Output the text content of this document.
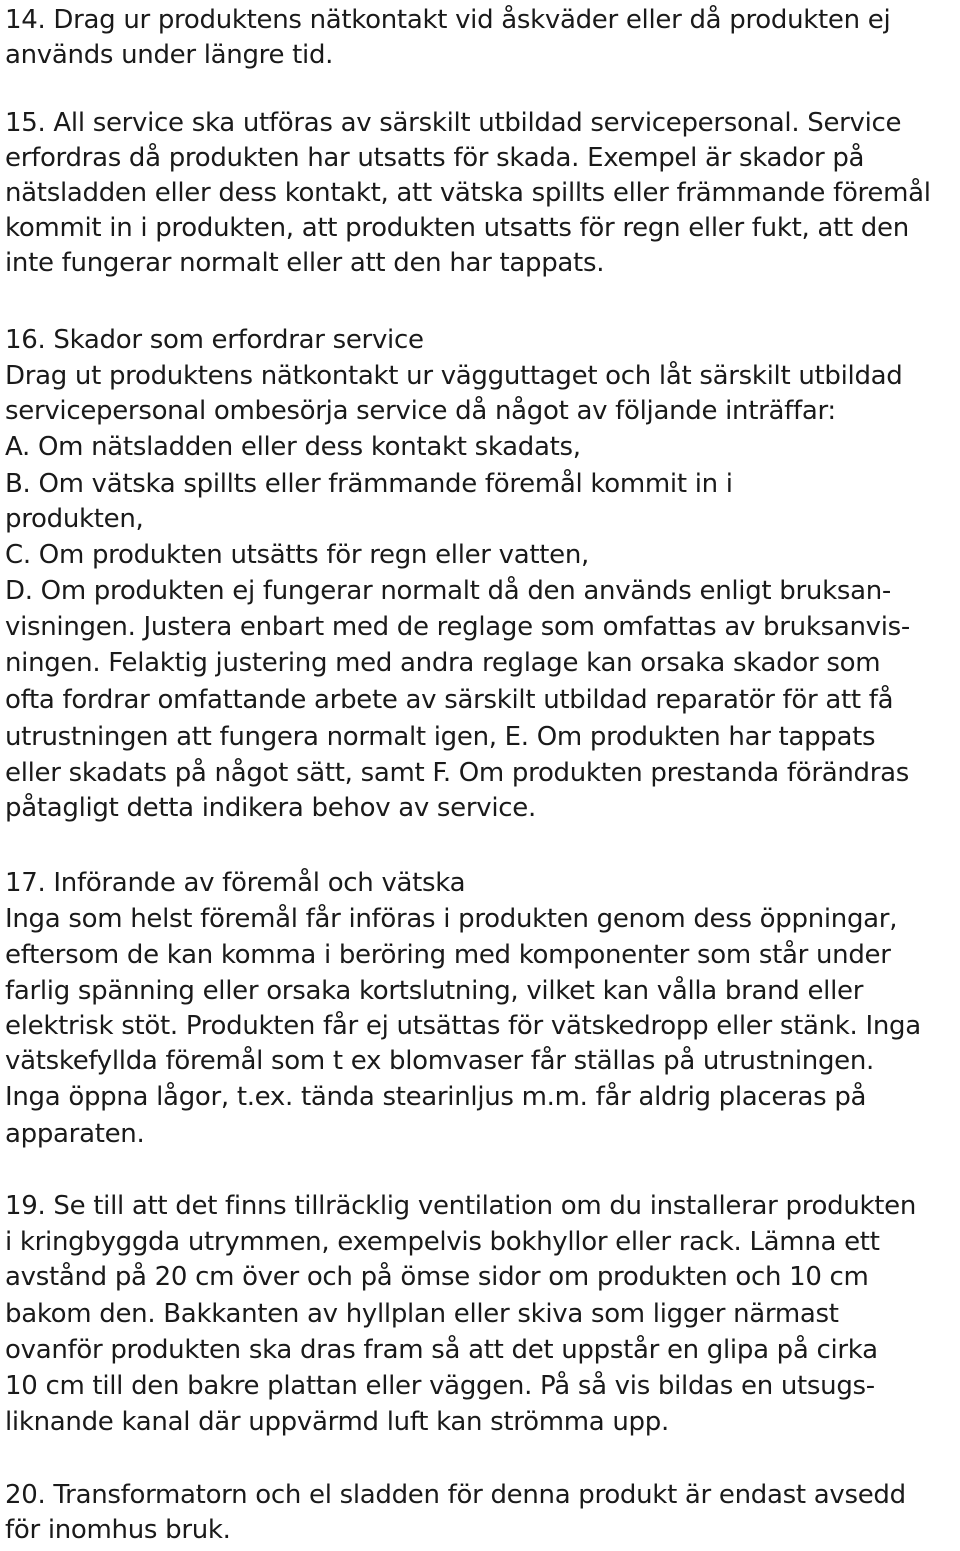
14. Drag ur produktens nätkontakt vid åskväder eller då produkten ej
används under längre tid.
15. All service ska utföras av särskilt utbildad servicepersonal. Service
erfordras då produkten har utsatts för skada. Exempel är skador på
nätsladden eller dess kontakt, att vätska spillts eller främmande föremål
kommit in i produkten, att produkten utsatts för regn eller fukt, att den
inte fungerar normalt eller att den har tappats.
16. Skador som erfordrar service
Drag ut produktens nätkontakt ur vägguttaget och låt särskilt utbildad
servicepersonal ombesörja service då något av följande inträffar:
A. Om nätsladden eller dess kontakt skadats,
B. Om vätska spillts eller främmande föremål kommit in i
produkten,
C. Om produkten utsätts för regn eller vatten,
D. Om produkten ej fungerar normalt då den används enligt bruksan-
visningen. Justera enbart med de reglage som omfattas av bruksanvis-
ningen. Felaktig justering med andra reglage kan orsaka skador som
ofta fordrar omfattande arbete av särskilt utbildad reparatör för att få
utrustningen att fungera normalt igen, E. Om produkten har tappats
eller skadats på något sätt, samt F. Om produkten prestanda förändras
påtagligt detta indikera behov av service.
17. Införande av föremål och vätska
Inga som helst föremål får införas i produkten genom dess öppningar,
eftersom de kan komma i beröring med komponenter som står under
farlig spänning eller orsaka kortslutning, vilket kan vålla brand eller
elektrisk stöt. Produkten får ej utsättas för vätskedropp eller stänk. Inga
vätskefyllda föremål som t ex blomvaser får ställas på utrustningen.
Inga öppna lågor, t.ex. tända stearinljus m.m. får aldrig placeras på
apparaten.
19. Se till att det finns tillräcklig ventilation om du installerar produkten
i kringbyggda utrymmen, exempelvis bokhyllor eller rack. Lämna ett
avstånd på 20 cm över och på ömse sidor om produkten och 10 cm
bakom den. Bakkanten av hyllplan eller skiva som ligger närmast
ovanför produkten ska dras fram så att det uppstår en glipa på cirka
10 cm till den bakre plattan eller väggen. På så vis bildas en utsugs-
liknande kanal där uppvärmd luft kan strömma upp.
20. Transformatorn och el sladden för denna produkt är endast avsedd
för inomhus bruk.
